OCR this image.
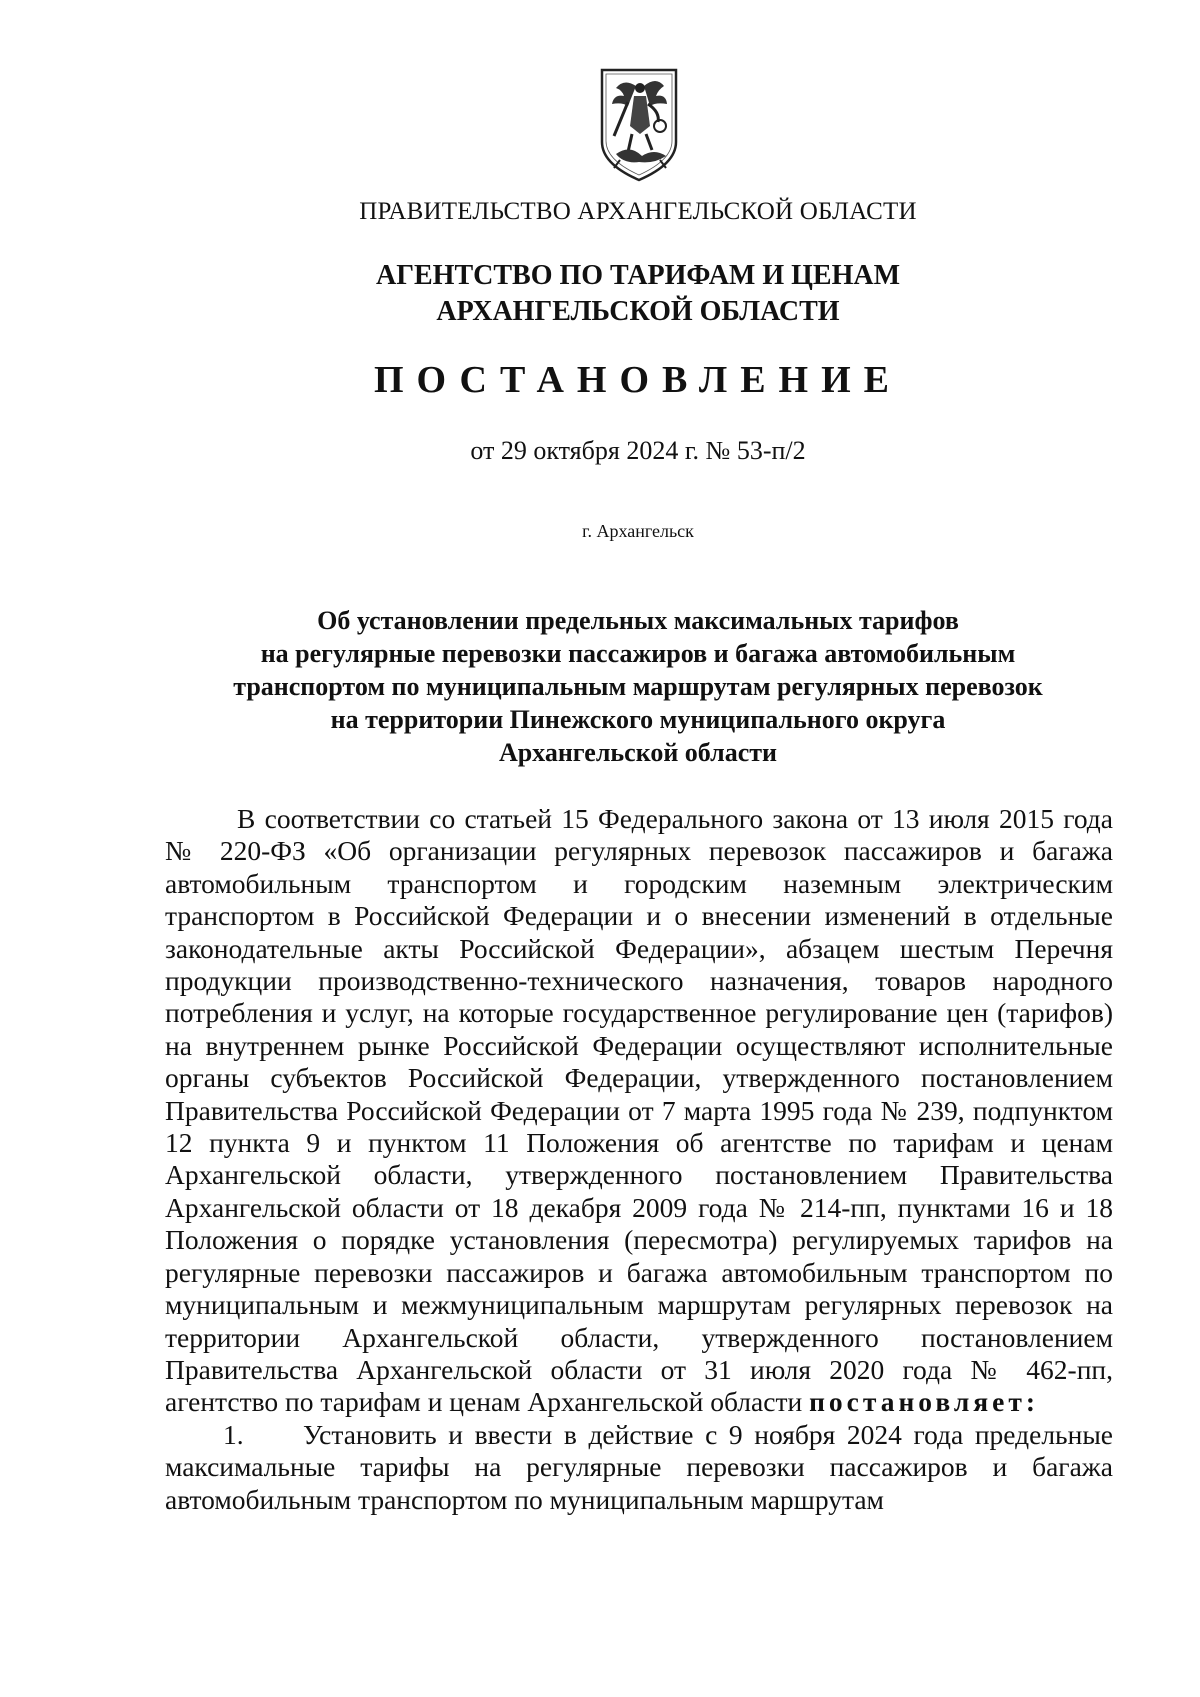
ПРАВИТЕЛЬСТВО АРХАНГЕЛЬСКОЙ ОБЛАСТИ
АГЕНТСТВО ПО ТАРИФАМ И ЦЕНАМ
АРХАНГЕЛЬСКОЙ ОБЛАСТИ
ПОСТАНОВЛЕНИЕ
от 29 октября 2024 г. № 53-п/2
г. Архангельск
Об установлении предельных максимальных тарифов
на регулярные перевозки пассажиров и багажа автомобильным
транспортом по муниципальным маршрутам регулярных перевозок
на территории Пинежского муниципального округа
Архангельской области

В соответствии со статьей 15 Федерального закона от 13 июля 2015 года № 220-ФЗ «Об организации регулярных перевозок пассажиров и багажа автомобильным транспортом и городским наземным электрическим транспортом в Российской Федерации и о внесении изменений в отдельные законодательные акты Российской Федерации», абзацем шестым Перечня продукции производственно-технического назначения, товаров народного потребления и услуг, на которые государственное регулирование цен (тарифов) на внутреннем рынке Российской Федерации осуществляют исполнительные органы субъектов Российской Федерации, утвержденного постановлением Правительства Российской Федерации от 7 марта 1995 года № 239, подпунктом 12 пункта 9 и пунктом 11 Положения об агентстве по тарифам и ценам Архангельской области, утвержденного постановлением Правительства Архангельской области от 18 декабря 2009 года № 214-пп, пунктами 16 и 18 Положения о порядке установления (пересмотра) регулируемых тарифов на регулярные перевозки пассажиров и багажа автомобильным транспортом по муниципальным и межмуниципальным маршрутам регулярных перевозок на территории Архангельской области, утвержденного постановлением Правительства Архангельской области от 31 июля 2020 года № 462-пп, агентство по тарифам и ценам Архангельской области постановляет:

1. Установить и ввести в действие с 9 ноября 2024 года предельные максимальные тарифы на регулярные перевозки пассажиров и багажа автомобильным транспортом по муниципальным маршрутам
